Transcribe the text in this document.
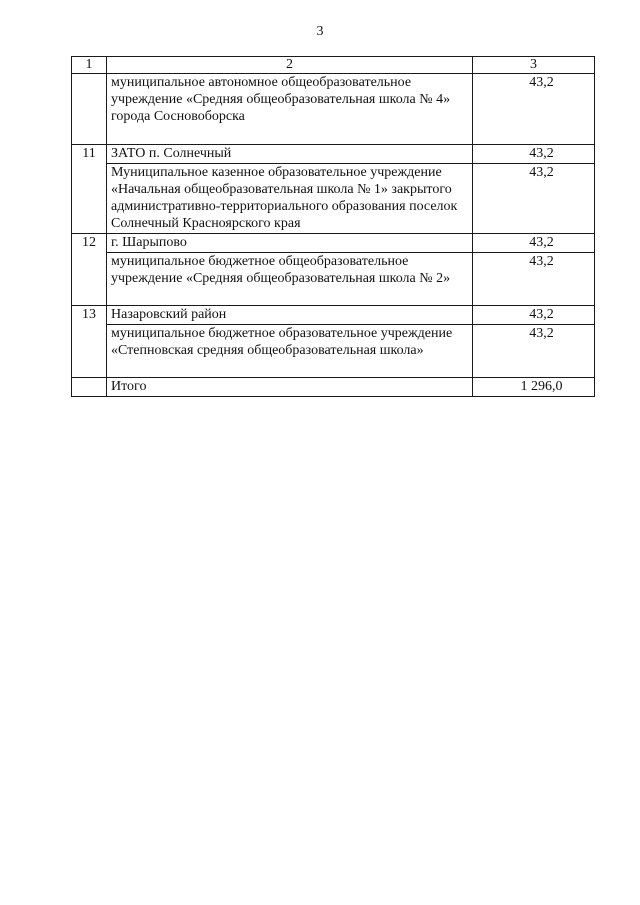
3
1	2	3
	муниципальное автономное общеобразовательное учреждение «Средняя общеобразовательная школа № 4» города Сосновоборска	43,2
11	ЗАТО п. Солнечный	43,2
	Муниципальное казенное образовательное учреждение «Начальная общеобразовательная школа № 1» закрытого административно-территориального образования поселок Солнечный Красноярского края	43,2
12	г. Шарыпово	43,2
	муниципальное бюджетное общеобразовательное учреждение «Средняя общеобразовательная школа № 2»	43,2
13	Назаровский район	43,2
	муниципальное бюджетное образовательное учреждение «Степновская средняя общеобразовательная школа»	43,2
	Итого	1 296,0
